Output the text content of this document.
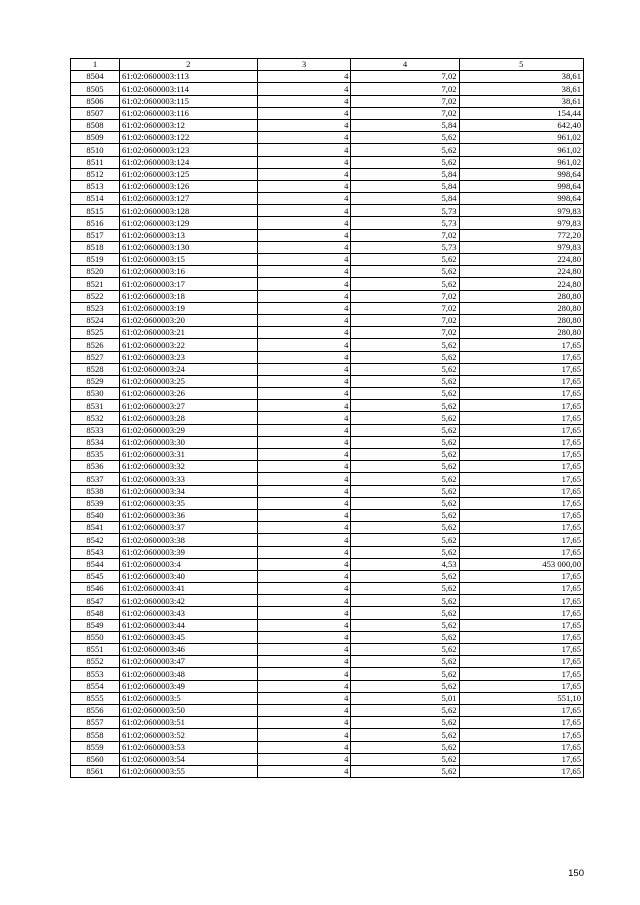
1	2	3	4	5
8504	61:02:0600003:113	4	7,02	38,61
8505	61:02:0600003:114	4	7,02	38,61
8506	61:02:0600003:115	4	7,02	38,61
8507	61:02:0600003:116	4	7,02	154,44
8508	61:02:0600003:12	4	5,84	642,40
8509	61:02:0600003:122	4	5,62	961,02
8510	61:02:0600003:123	4	5,62	961,02
8511	61:02:0600003:124	4	5,62	961,02
8512	61:02:0600003:125	4	5,84	998,64
8513	61:02:0600003:126	4	5,84	998,64
8514	61:02:0600003:127	4	5,84	998,64
8515	61:02:0600003:128	4	5,73	979,83
8516	61:02:0600003:129	4	5,73	979,83
8517	61:02:0600003:13	4	7,02	772,20
8518	61:02:0600003:130	4	5,73	979,83
8519	61:02:0600003:15	4	5,62	224,80
8520	61:02:0600003:16	4	5,62	224,80
8521	61:02:0600003:17	4	5,62	224,80
8522	61:02:0600003:18	4	7,02	280,80
8523	61:02:0600003:19	4	7,02	280,80
8524	61:02:0600003:20	4	7,02	280,80
8525	61:02:0600003:21	4	7,02	280,80
8526	61:02:0600003:22	4	5,62	17,65
8527	61:02:0600003:23	4	5,62	17,65
8528	61:02:0600003:24	4	5,62	17,65
8529	61:02:0600003:25	4	5,62	17,65
8530	61:02:0600003:26	4	5,62	17,65
8531	61:02:0600003:27	4	5,62	17,65
8532	61:02:0600003:28	4	5,62	17,65
8533	61:02:0600003:29	4	5,62	17,65
8534	61:02:0600003:30	4	5,62	17,65
8535	61:02:0600003:31	4	5,62	17,65
8536	61:02:0600003:32	4	5,62	17,65
8537	61:02:0600003:33	4	5,62	17,65
8538	61:02:0600003:34	4	5,62	17,65
8539	61:02:0600003:35	4	5,62	17,65
8540	61:02:0600003:36	4	5,62	17,65
8541	61:02:0600003:37	4	5,62	17,65
8542	61:02:0600003:38	4	5,62	17,65
8543	61:02:0600003:39	4	5,62	17,65
8544	61:02:0600003:4	4	4,53	453 000,00
8545	61:02:0600003:40	4	5,62	17,65
8546	61:02:0600003:41	4	5,62	17,65
8547	61:02:0600003:42	4	5,62	17,65
8548	61:02:0600003:43	4	5,62	17,65
8549	61:02:0600003:44	4	5,62	17,65
8550	61:02:0600003:45	4	5,62	17,65
8551	61:02:0600003:46	4	5,62	17,65
8552	61:02:0600003:47	4	5,62	17,65
8553	61:02:0600003:48	4	5,62	17,65
8554	61:02:0600003:49	4	5,62	17,65
8555	61:02:0600003:5	4	5,01	551,10
8556	61:02:0600003:50	4	5,62	17,65
8557	61:02:0600003:51	4	5,62	17,65
8558	61:02:0600003:52	4	5,62	17,65
8559	61:02:0600003:53	4	5,62	17,65
8560	61:02:0600003:54	4	5,62	17,65
8561	61:02:0600003:55	4	5,62	17,65
150
